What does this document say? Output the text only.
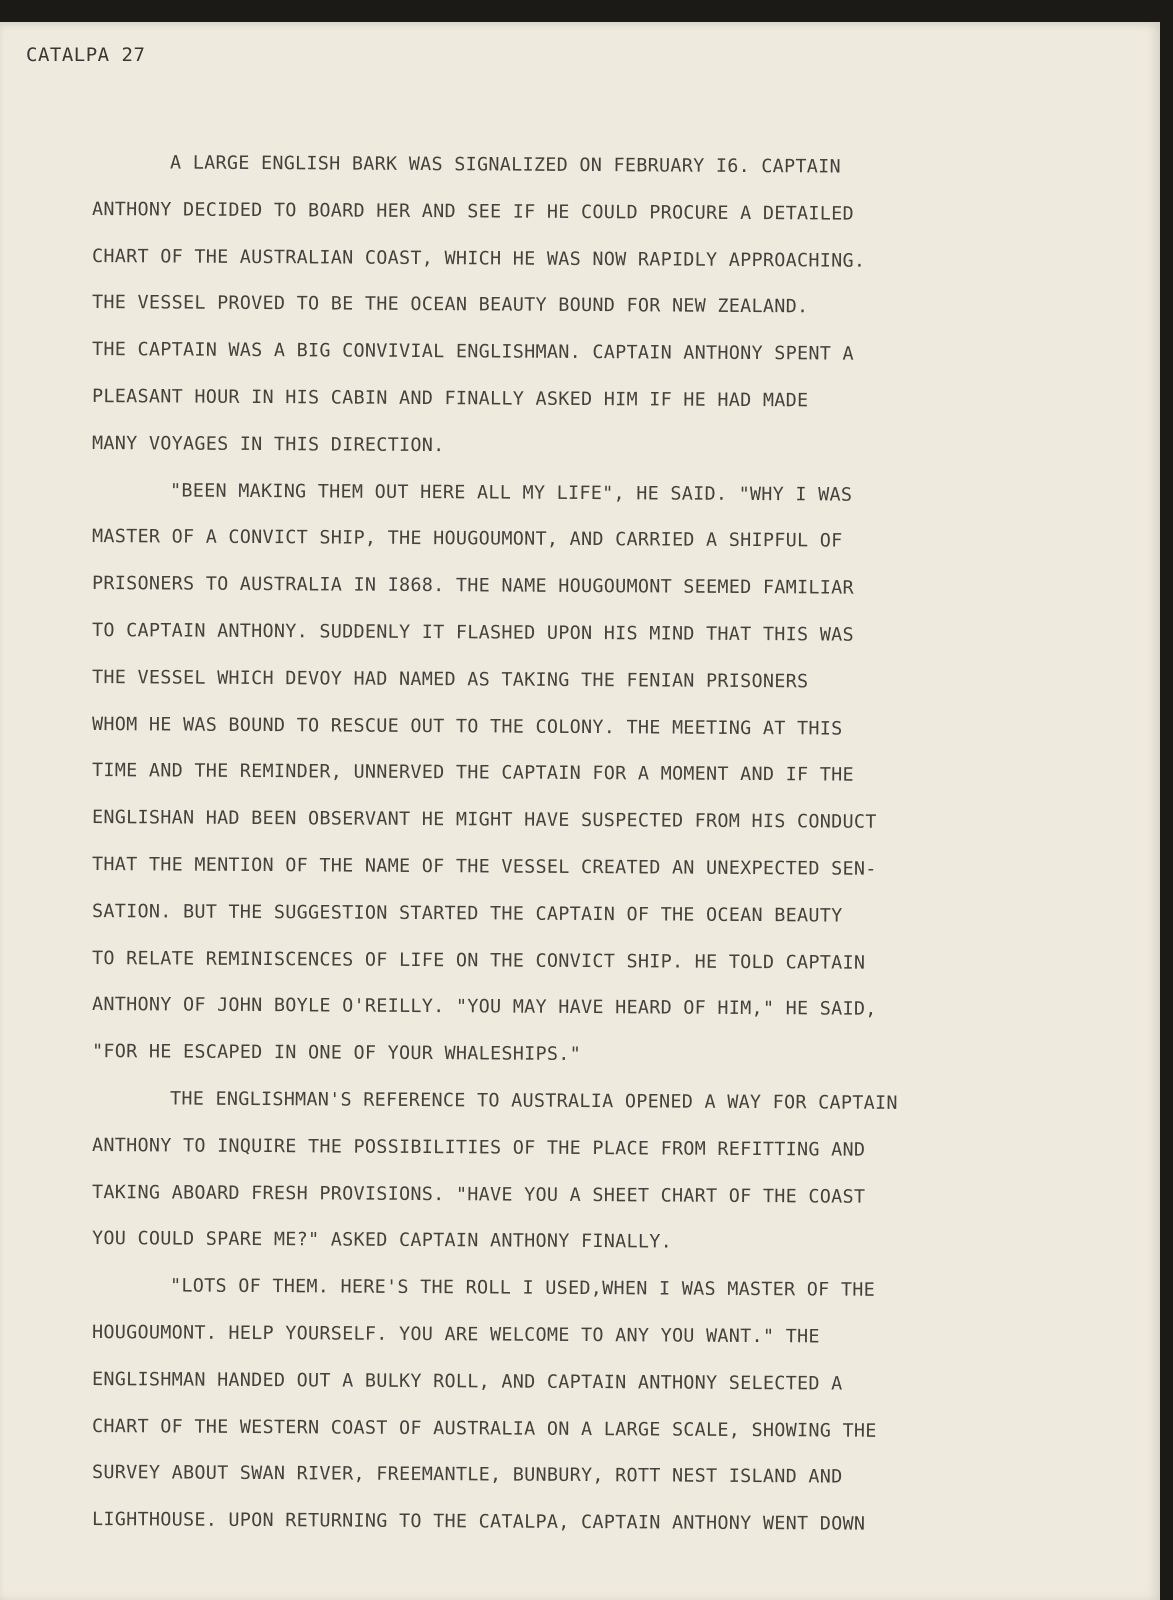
CATALPA 27
A LARGE ENGLISH BARK WAS SIGNALIZED ON FEBRUARY I6. CAPTAIN
ANTHONY DECIDED TO BOARD HER AND SEE IF HE COULD PROCURE A DETAILED
CHART OF THE AUSTRALIAN COAST, WHICH HE WAS NOW RAPIDLY APPROACHING.
THE VESSEL PROVED TO BE THE OCEAN BEAUTY BOUND FOR NEW ZEALAND.
THE CAPTAIN WAS A BIG CONVIVIAL ENGLISHMAN. CAPTAIN ANTHONY SPENT A
PLEASANT HOUR IN HIS CABIN AND FINALLY ASKED HIM IF HE HAD MADE
MANY VOYAGES IN THIS DIRECTION.
"BEEN MAKING THEM OUT HERE ALL MY LIFE", HE SAID. "WHY I WAS
MASTER OF A CONVICT SHIP, THE HOUGOUMONT, AND CARRIED A SHIPFUL OF
PRISONERS TO AUSTRALIA IN I868. THE NAME HOUGOUMONT SEEMED FAMILIAR
TO CAPTAIN ANTHONY. SUDDENLY IT FLASHED UPON HIS MIND THAT THIS WAS
THE VESSEL WHICH DEVOY HAD NAMED AS TAKING THE FENIAN PRISONERS
WHOM HE WAS BOUND TO RESCUE OUT TO THE COLONY. THE MEETING AT THIS
TIME AND THE REMINDER, UNNERVED THE CAPTAIN FOR A MOMENT AND IF THE
ENGLISHAN HAD BEEN OBSERVANT HE MIGHT HAVE SUSPECTED FROM HIS CONDUCT
THAT THE MENTION OF THE NAME OF THE VESSEL CREATED AN UNEXPECTED SEN-
SATION. BUT THE SUGGESTION STARTED THE CAPTAIN OF THE OCEAN BEAUTY
TO RELATE REMINISCENCES OF LIFE ON THE CONVICT SHIP. HE TOLD CAPTAIN
ANTHONY OF JOHN BOYLE O'REILLY. "YOU MAY HAVE HEARD OF HIM," HE SAID,
"FOR HE ESCAPED IN ONE OF YOUR WHALESHIPS."
THE ENGLISHMAN'S REFERENCE TO AUSTRALIA OPENED A WAY FOR CAPTAIN
ANTHONY TO INQUIRE THE POSSIBILITIES OF THE PLACE FROM REFITTING AND
TAKING ABOARD FRESH PROVISIONS. "HAVE YOU A SHEET CHART OF THE COAST
YOU COULD SPARE ME?" ASKED CAPTAIN ANTHONY FINALLY.
"LOTS OF THEM. HERE'S THE ROLL I USED,WHEN I WAS MASTER OF THE
HOUGOUMONT. HELP YOURSELF. YOU ARE WELCOME TO ANY YOU WANT." THE
ENGLISHMAN HANDED OUT A BULKY ROLL, AND CAPTAIN ANTHONY SELECTED A
CHART OF THE WESTERN COAST OF AUSTRALIA ON A LARGE SCALE, SHOWING THE
SURVEY ABOUT SWAN RIVER, FREEMANTLE, BUNBURY, ROTT NEST ISLAND AND
LIGHTHOUSE. UPON RETURNING TO THE CATALPA, CAPTAIN ANTHONY WENT DOWN
